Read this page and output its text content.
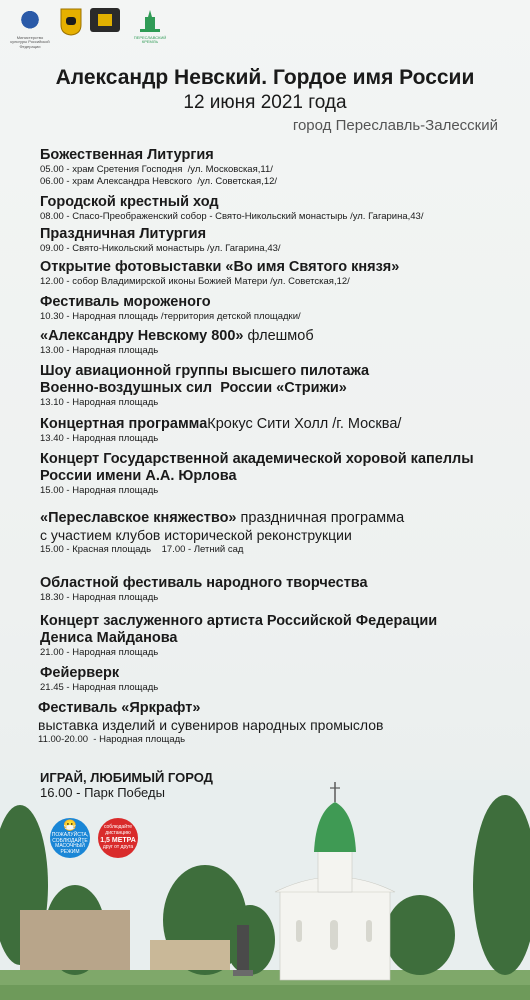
Министерство культуры Российской Федерации
ПЕРЕСЛАВСКИЙ КРЕМЛЬ
Александр Невский. Гордое имя России
12 июня 2021 года
город Переславль-Залесский
Божественная Литургия
05.00 - храм Сретения Господня  /ул. Московская,11/
06.00 - храм Александра Невского  /ул. Советская,12/
Городской крестный ход
08.00 - Спасо-Преображенский собор - Свято-Никольский монастырь /ул. Гагарина,43/
Праздничная Литургия
09.00 - Свято-Никольский монастырь /ул. Гагарина,43/
Открытие фотовыставки «Во имя Святого князя»
12.00 - собор Владимирской иконы Божией Матери /ул. Советская,12/
Фестиваль мороженого
10.30 - Народная площадь /территория детской площадки/
«Александру Невскому 800» флешмоб
13.00 - Народная площадь
Шоу авиационной группы высшего пилотажа
Военно-воздушных сил  России «Стрижи»
13.10 - Народная площадь
Концертная программаКрокус Сити Холл /г. Москва/
13.40 - Народная площадь
Концерт Государственной академической хоровой капеллы
России имени А.А. Юрлова
15.00 - Народная площадь
«Переславское княжество» праздничная программа
с участием клубов исторической реконструкции
15.00 - Красная площадь    17.00 - Летний сад
Областной фестиваль народного творчества
18.30 - Народная площадь
Концерт заслуженного артиста Российской Федерации
Дениса Майданова
21.00 - Народная площадь
Фейерверк
21.45 - Народная площадь
Фестиваль «Яркрафт»
выставка изделий и сувениров народных промыслов
11.00-20.00  - Народная площадь
ИГРАЙ, ЛЮБИМЫЙ ГОРОД
16.00 - Парк Победы
😷
ПОЖАЛУЙСТА, СОБЛЮДАЙТЕ МАСОЧНЫЙ РЕЖИМ
соблюдайте дистанцию
1,5 МЕТРА
друг от друга
